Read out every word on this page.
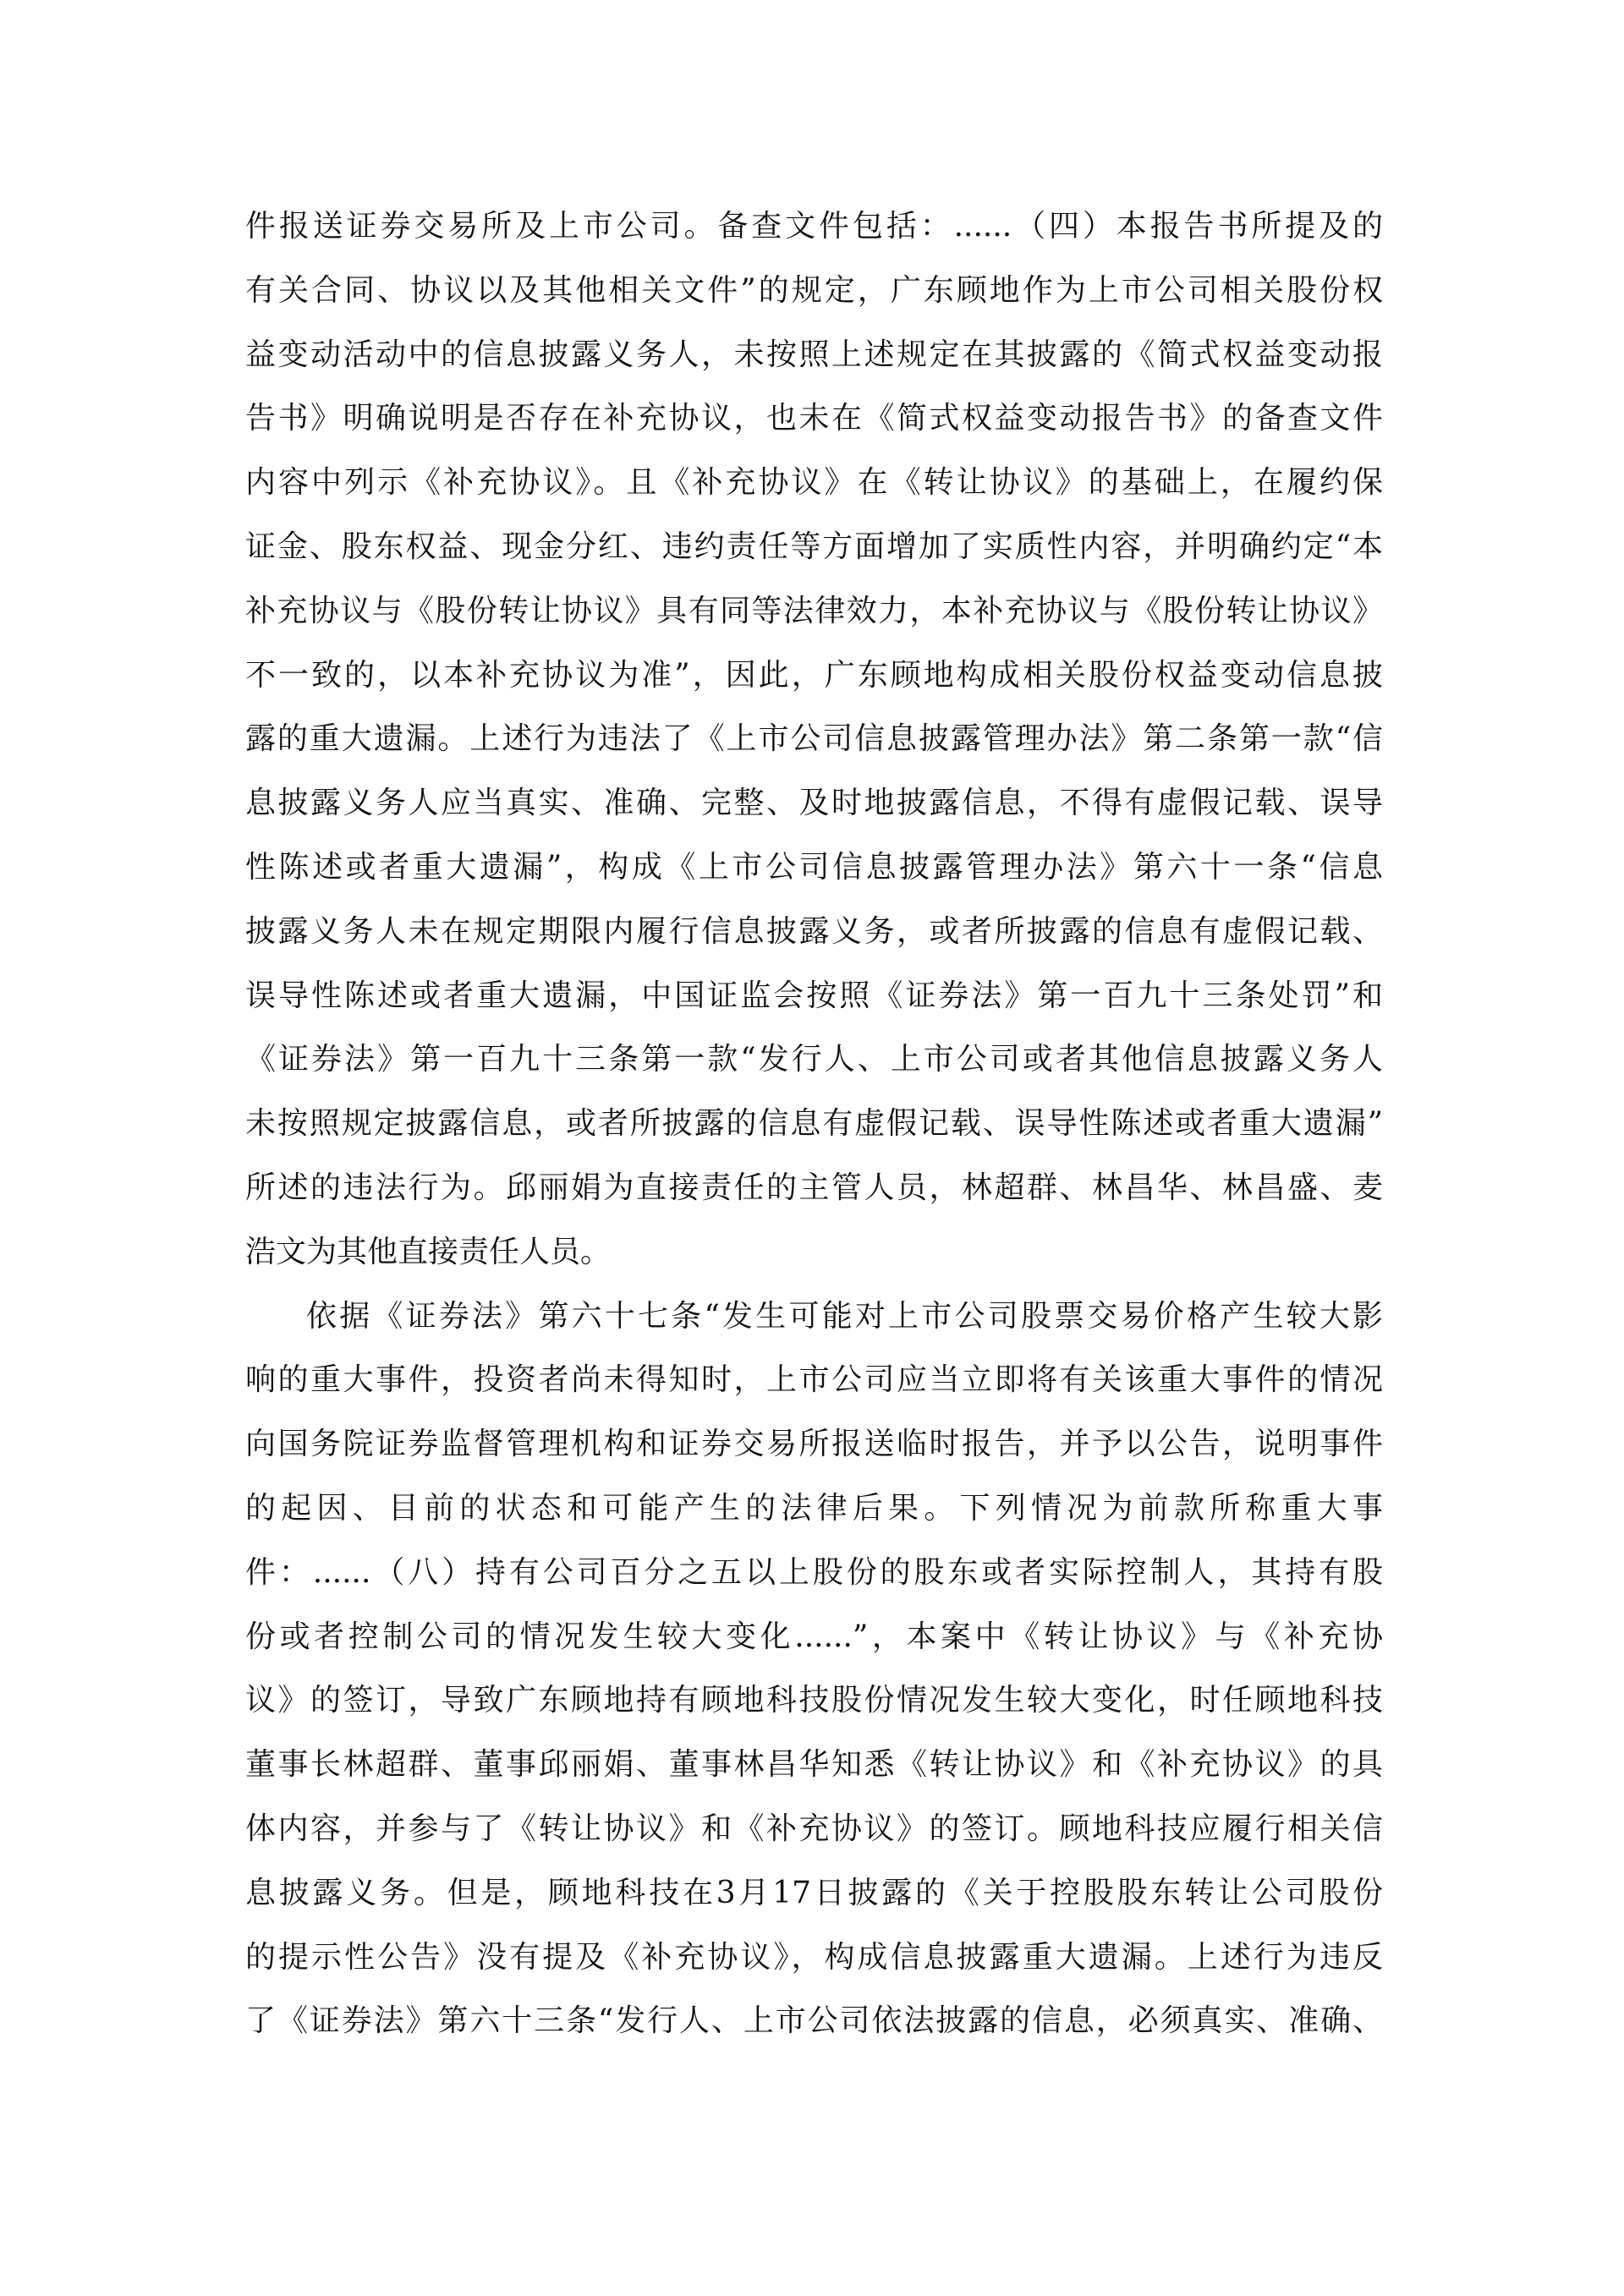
件报送证券交易所及上市公司。备查文件包括：......（四）本报告书所提及的
有关合同、协议以及其他相关文件”的规定，广东顾地作为上市公司相关股份权
益变动活动中的信息披露义务人，未按照上述规定在其披露的《简式权益变动报
告书》明确说明是否存在补充协议，也未在《简式权益变动报告书》的备查文件
内容中列示《补充协议》。且《补充协议》在《转让协议》的基础上，在履约保
证金、股东权益、现金分红、违约责任等方面增加了实质性内容，并明确约定“本
补充协议与《股份转让协议》具有同等法律效力，本补充协议与《股份转让协议》
不一致的，以本补充协议为准”，因此，广东顾地构成相关股份权益变动信息披
露的重大遗漏。上述行为违法了《上市公司信息披露管理办法》第二条第一款“信
息披露义务人应当真实、准确、完整、及时地披露信息，不得有虚假记载、误导
性陈述或者重大遗漏”，构成《上市公司信息披露管理办法》第六十一条“信息
披露义务人未在规定期限内履行信息披露义务，或者所披露的信息有虚假记载、
误导性陈述或者重大遗漏，中国证监会按照《证券法》第一百九十三条处罚”和
《证券法》第一百九十三条第一款“发行人、上市公司或者其他信息披露义务人
未按照规定披露信息，或者所披露的信息有虚假记载、误导性陈述或者重大遗漏”
所述的违法行为。邱丽娟为直接责任的主管人员，林超群、林昌华、林昌盛、麦
浩文为其他直接责任人员。
依据《证券法》第六十七条“发生可能对上市公司股票交易价格产生较大影
响的重大事件，投资者尚未得知时，上市公司应当立即将有关该重大事件的情况
向国务院证券监督管理机构和证券交易所报送临时报告，并予以公告，说明事件
的起因、目前的状态和可能产生的法律后果。下列情况为前款所称重大事
件：......（八）持有公司百分之五以上股份的股东或者实际控制人，其持有股
份或者控制公司的情况发生较大变化......”，本案中《转让协议》与《补充协
议》的签订，导致广东顾地持有顾地科技股份情况发生较大变化，时任顾地科技
董事长林超群、董事邱丽娟、董事林昌华知悉《转让协议》和《补充协议》的具
体内容，并参与了《转让协议》和《补充协议》的签订。顾地科技应履行相关信
息披露义务。但是，顾地科技在3月17日披露的《关于控股股东转让公司股份
的提示性公告》没有提及《补充协议》，构成信息披露重大遗漏。上述行为违反
了《证券法》第六十三条“发行人、上市公司依法披露的信息，必须真实、准确、
